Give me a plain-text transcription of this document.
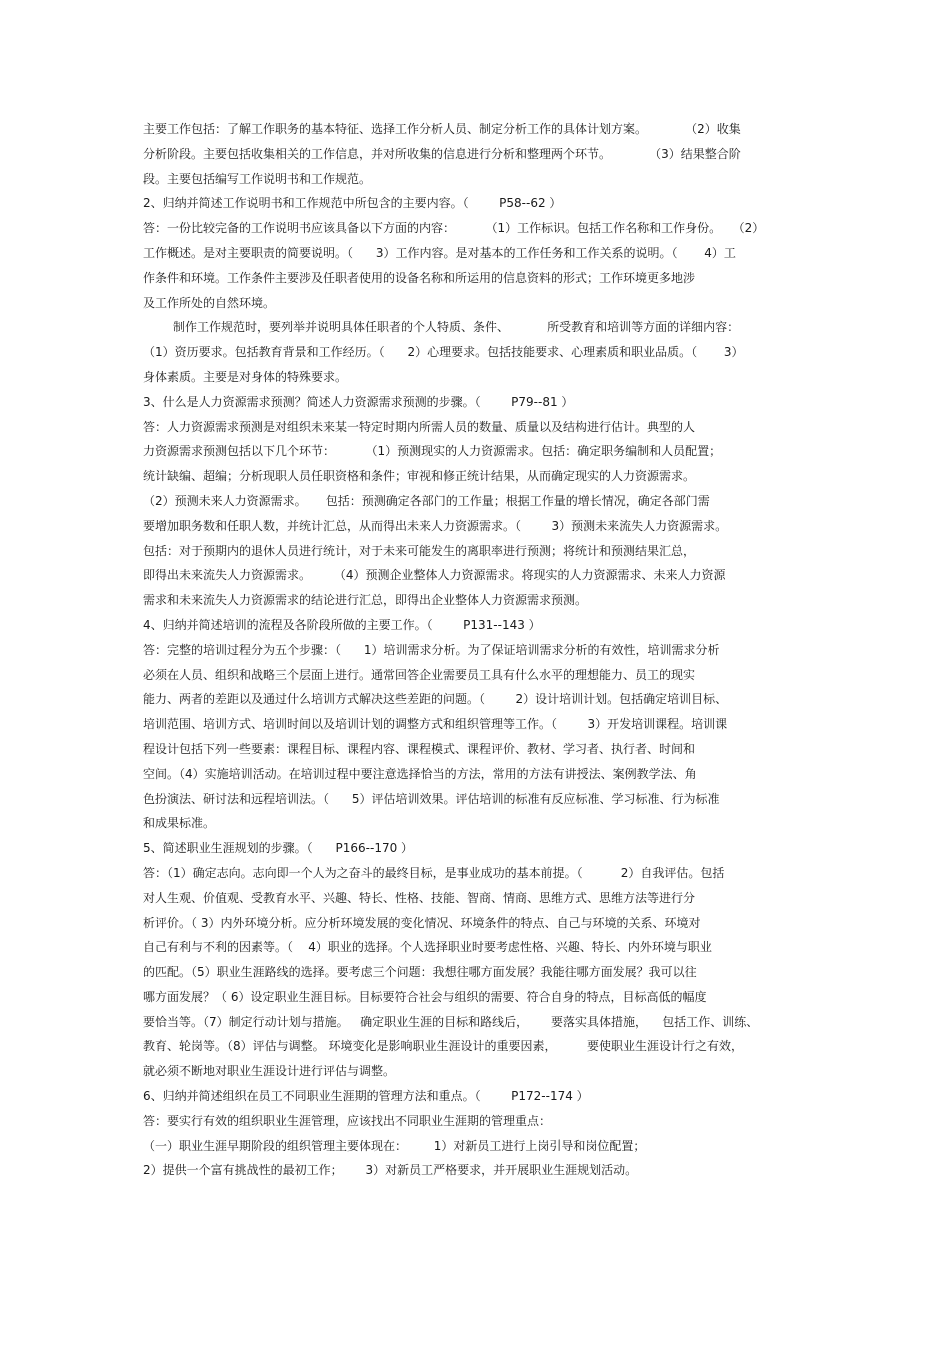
主要工作包括：了解工作职务的基本特征、选择工作分析人员、制定分析工作的具体计划方案。          （2）收集
分析阶段。主要包括收集相关的工作信息，并对所收集的信息进行分析和整理两个环节。          （3）结果整合阶
段。主要包括编写工作说明书和工作规范。
2、归纳并简述工作说明书和工作规范中所包含的主要内容。（        P58--62 ）
答：一份比较完备的工作说明书应该具备以下方面的内容：        （1）工作标识。包括工作名称和工作身份。   （2）
工作概述。是对主要职责的简要说明。（      3）工作内容。是对基本的工作任务和工作关系的说明。（       4）工
作条件和环境。工作条件主要涉及任职者使用的设备名称和所运用的信息资料的形式；工作环境更多地涉
及工作所处的自然环境。
制作工作规范时，要列举并说明具体任职者的个人特质、条件、          所受教育和培训等方面的详细内容：
（1）资历要求。包括教育背景和工作经历。（      2）心理要求。包括技能要求、心理素质和职业品质。（       3）
身体素质。主要是对身体的特殊要求。
3、什么是人力资源需求预测？简述人力资源需求预测的步骤。（        P79--81 ）
答：人力资源需求预测是对组织未来某一特定时期内所需人员的数量、质量以及结构进行估计。典型的人
力资源需求预测包括以下几个环节：        （1）预测现实的人力资源需求。包括：确定职务编制和人员配置；
统计缺编、超编；分析现职人员任职资格和条件；审视和修正统计结果，从而确定现实的人力资源需求。
（2）预测未来人力资源需求。     包括：预测确定各部门的工作量；根据工作量的增长情况，确定各部门需
要增加职务数和任职人数，并统计汇总，从而得出未来人力资源需求。（        3）预测未来流失人力资源需求。
包括：对于预期内的退休人员进行统计，对于未来可能发生的离职率进行预测；将统计和预测结果汇总，
即得出未来流失人力资源需求。      （4）预测企业整体人力资源需求。将现实的人力资源需求、未来人力资源
需求和未来流失人力资源需求的结论进行汇总，即得出企业整体人力资源需求预测。
4、归纳并简述培训的流程及各阶段所做的主要工作。（        P131--143 ）
答：完整的培训过程分为五个步骤：（      1）培训需求分析。为了保证培训需求分析的有效性，培训需求分析
必须在人员、组织和战略三个层面上进行。通常回答企业需要员工具有什么水平的理想能力、员工的现实
能力、两者的差距以及通过什么培训方式解决这些差距的问题。（        2）设计培训计划。包括确定培训目标、
培训范围、培训方式、培训时间以及培训计划的调整方式和组织管理等工作。（        3）开发培训课程。培训课
程设计包括下列一些要素：课程目标、课程内容、课程模式、课程评价、教材、学习者、执行者、时间和
空间。（4）实施培训活动。在培训过程中要注意选择恰当的方法，常用的方法有讲授法、案例教学法、角
色扮演法、研讨法和远程培训法。（      5）评估培训效果。评估培训的标准有反应标准、学习标准、行为标准
和成果标准。
5、简述职业生涯规划的步骤。（      P166--170 ）
答：（1）确定志向。志向即一个人为之奋斗的最终目标，是事业成功的基本前提。（          2）自我评估。包括
对人生观、价值观、受教育水平、兴趣、特长、性格、技能、智商、情商、思维方式、思维方法等进行分
析评价。（ 3）内外环境分析。应分析环境发展的变化情况、环境条件的特点、自己与环境的关系、环境对
自己有利与不利的因素等。（    4）职业的选择。个人选择职业时要考虑性格、兴趣、特长、内外环境与职业
的匹配。（5）职业生涯路线的选择。要考虑三个问题：我想往哪方面发展？我能往哪方面发展？我可以往
哪方面发展？（ 6）设定职业生涯目标。目标要符合社会与组织的需要、符合自身的特点，目标高低的幅度
要恰当等。（7）制定行动计划与措施。   确定职业生涯的目标和路线后，      要落实具体措施，    包括工作、训练、
教育、轮岗等。（8）评估与调整。 环境变化是影响职业生涯设计的重要因素，        要使职业生涯设计行之有效，
就必须不断地对职业生涯设计进行评估与调整。
6、归纳并简述组织在员工不同职业生涯期的管理方法和重点。（        P172--174 ）
答：要实行有效的组织职业生涯管理，应该找出不同职业生涯期的管理重点：
（一）职业生涯早期阶段的组织管理主要体现在：       1）对新员工进行上岗引导和岗位配置；
2）提供一个富有挑战性的最初工作；      3）对新员工严格要求，并开展职业生涯规划活动。
